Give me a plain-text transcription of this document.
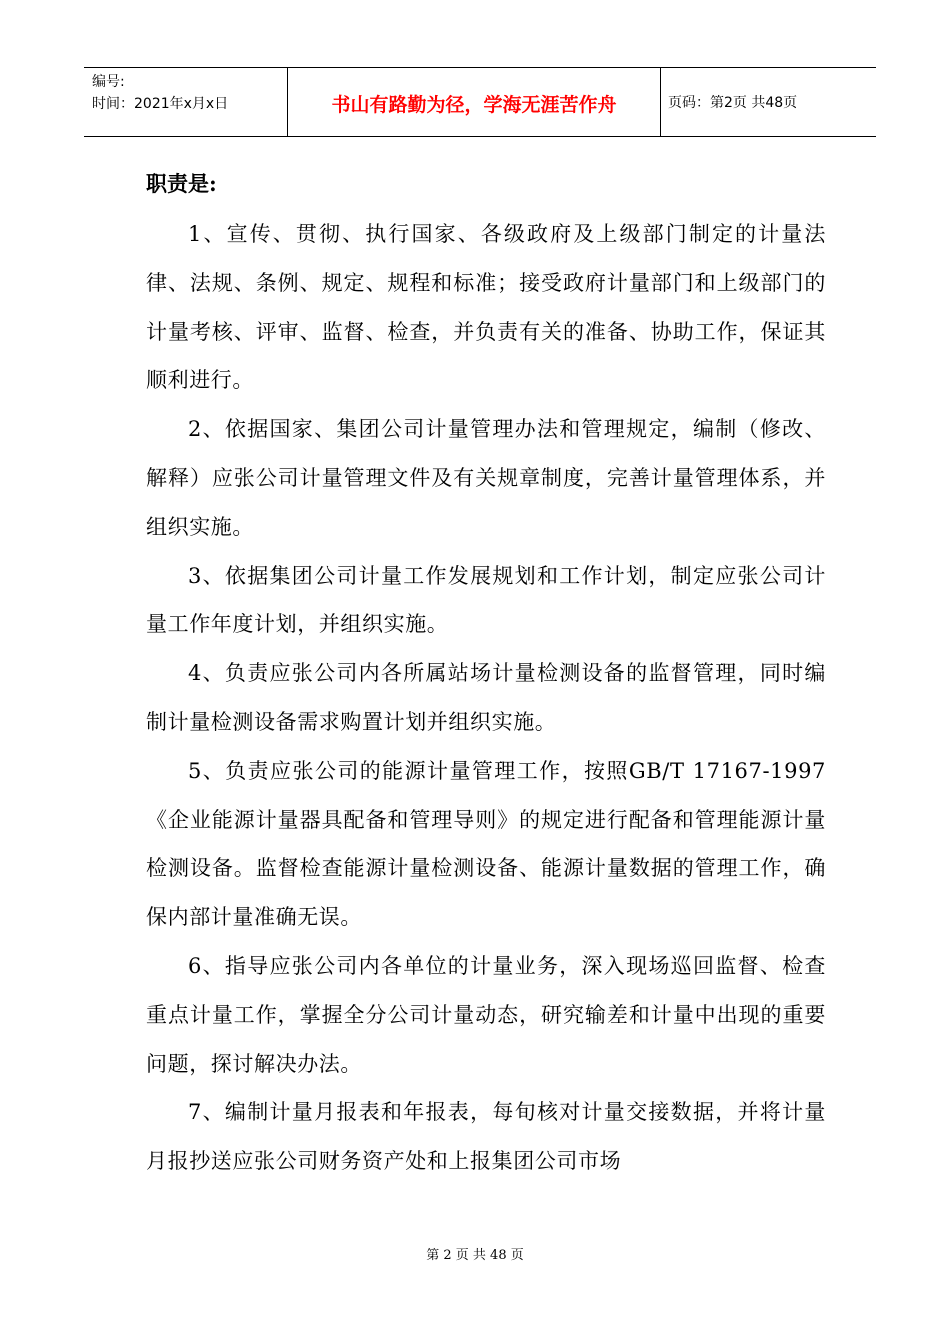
编号:
时间：2021年x月x日	书山有路勤为径，学海无涯苦作舟	页码：第2页 共48页

职责是:

1、宣传、贯彻、执行国家、各级政府及上级部门制定的计量法律、法规、条例、规定、规程和标准；接受政府计量部门和上级部门的计量考核、评审、监督、检查，并负责有关的准备、协助工作，保证其顺利进行。

2、依据国家、集团公司计量管理办法和管理规定，编制（修改、解释）应张公司计量管理文件及有关规章制度，完善计量管理体系，并组织实施。

3、依据集团公司计量工作发展规划和工作计划，制定应张公司计量工作年度计划，并组织实施。

4、负责应张公司内各所属站场计量检测设备的监督管理，同时编制计量检测设备需求购置计划并组织实施。

5、负责应张公司的能源计量管理工作，按照GB/T 17167-1997《企业能源计量器具配备和管理导则》的规定进行配备和管理能源计量检测设备。监督检查能源计量检测设备、能源计量数据的管理工作，确保内部计量准确无误。

6、指导应张公司内各单位的计量业务，深入现场巡回监督、检查重点计量工作，掌握全分公司计量动态，研究输差和计量中出现的重要问题，探讨解决办法。

7、编制计量月报表和年报表，每旬核对计量交接数据，并将计量月报抄送应张公司财务资产处和上报集团公司市场

第 2 页 共 48 页
